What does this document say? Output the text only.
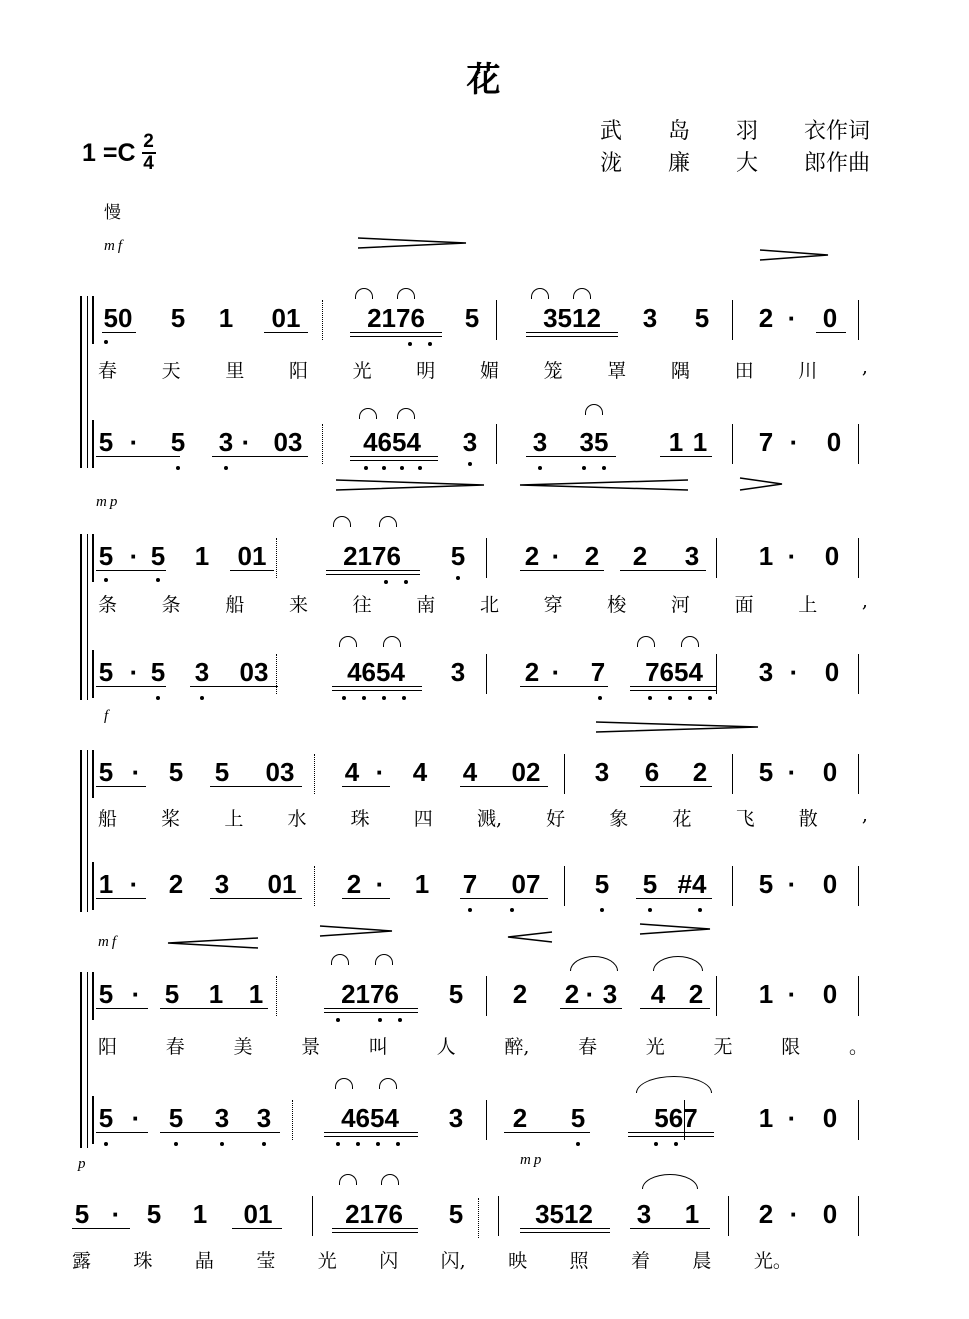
花
$1 =C \frac{2}{4}$
武 岛 羽 衣作词
泷 廉 大 郎作曲
慢
mf
mp
f
mf
p	mp
50 5 1 01	2176 5 3512 3 5 2 · 0
春 天 里 阳 光 明 媚 笼 罩 隅 田 川 ,
5 · 5 3 · 03 4654 3 3 35 1 1 7 · 0
5 · 5 1 01	2176 5 2 · 2 2 3 1 · 0
条 条 船 来 往 南 北 穿 梭 河 面 上 ,
5 · 5 3 03	4654 3 2 · 7 7654 3 · 0
5 · 5 5 03 4 · 4 4 02 3 6 2 5 · 0
船 桨 上 水 珠 四 溅, 好 象 花 飞 散 ,
1 · 2 3 01 2 · 1 7 07 5 5 #4 5 · 0
5 · 5 1 1	2176 5 2 2 · 3 4 2 1 · 0
阳	春	美	景	叫	人	醉,	春	光	无	限	。
5 · 5 3 3	4654 3 2 5	567 1 · 0
5 · 5 1 01	2176 5	3512 3 1 2 · 0
露 珠 晶 莹 光 闪 闪, 映 照 着 晨 光。
